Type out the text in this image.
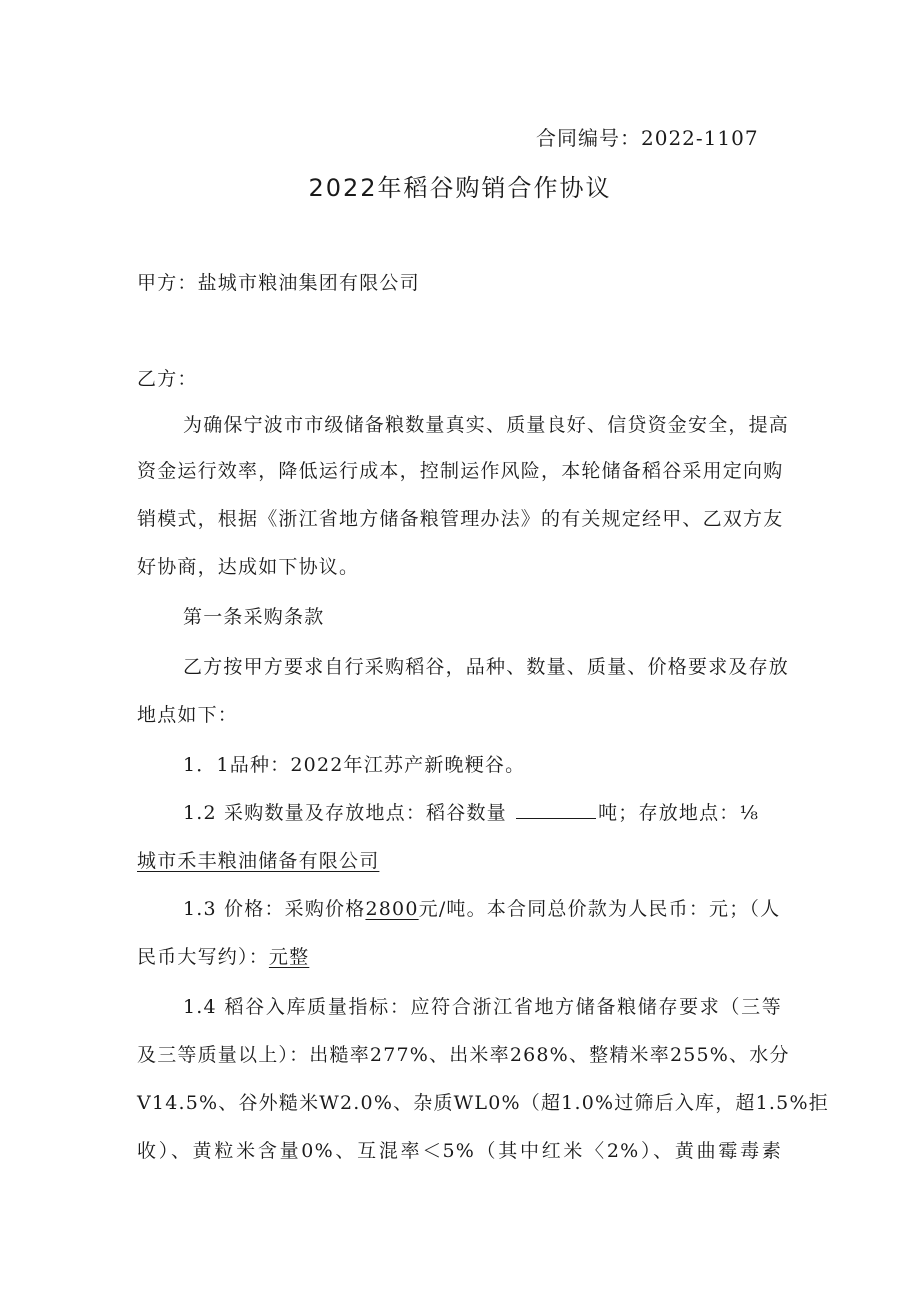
合同编号：2022-1107
2022年稻谷购销合作协议
甲方：盐城市粮油集团有限公司
乙方：
为确保宁波市市级储备粮数量真实、质量良好、信贷资金安全，提高
资金运行效率，降低运行成本，控制运作风险，本轮储备稻谷采用定向购
销模式，根据《浙江省地方储备粮管理办法》的有关规定经甲、乙双方友
好协商，达成如下协议。
第一条采购条款
乙方按甲方要求自行采购稻谷，品种、数量、质量、价格要求及存放
地点如下：
1．1品种：2022年江苏产新晚粳谷。
1.2 采购数量及存放地点：稻谷数量	吨；存放地点：⅛
城市禾丰粮油储备有限公司
1.3 价格：采购价格2800元/吨。本合同总价款为人民币：元；（人
民币大写约）：元整
1.4 稻谷入库质量指标：应符合浙江省地方储备粮储存要求（三等
及三等质量以上）：出糙率277%、出米率268%、整精米率255%、水分
V14.5%、谷外糙米W2.0%、杂质WL0%（超1.0%过筛后入库，超1.5%拒
收）、黄粒米含量0%、互混率＜5%（其中红米〈2%）、黄曲霉毒素
